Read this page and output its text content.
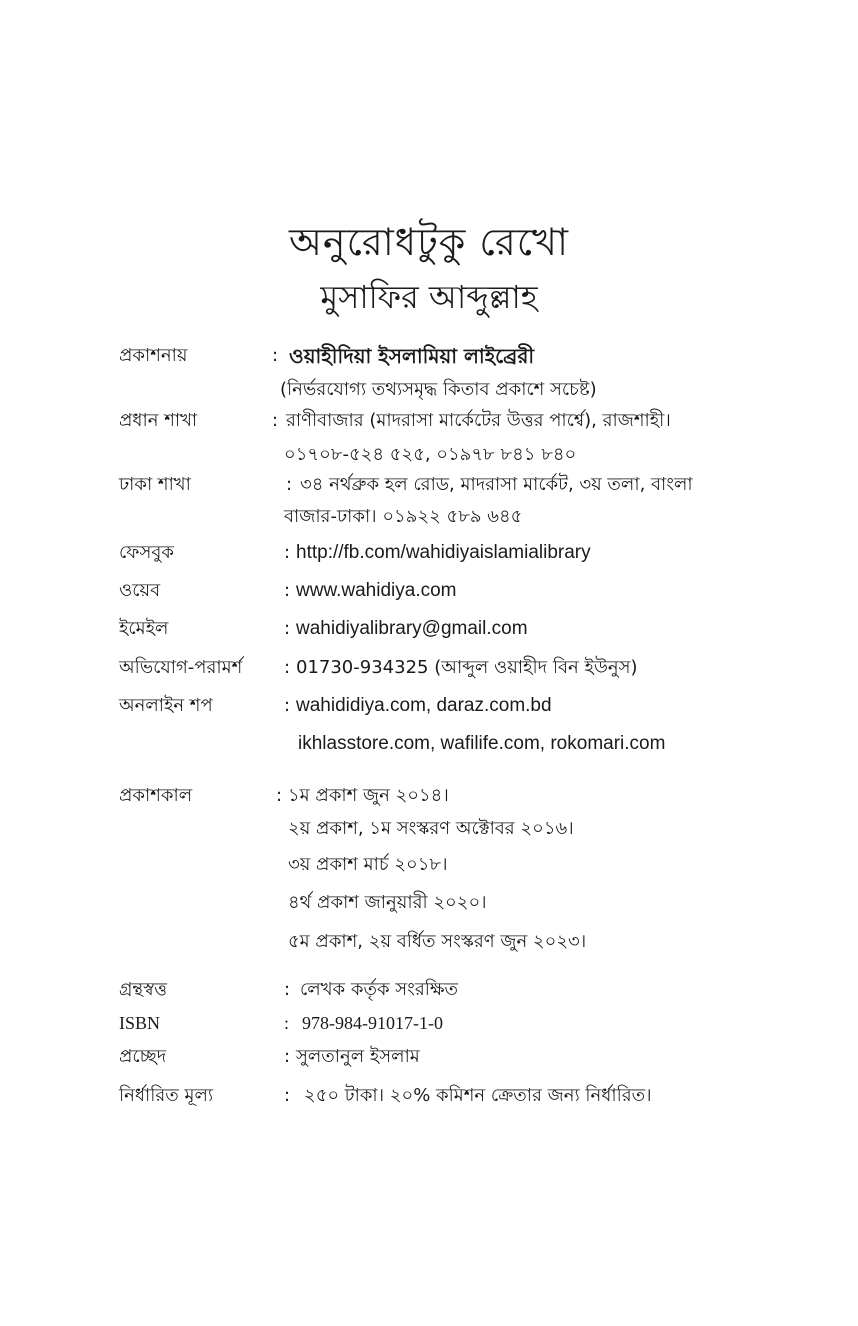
অনুরোধটুকু রেখো
মুসাফির আব্দুল্লাহ
প্রকাশনায়	: ওয়াহীদিয়া ইসলামিয়া লাইব্রেরী
(নির্ভরযোগ্য তথ্যসমৃদ্ধ কিতাব প্রকাশে সচেষ্ট)
প্রধান শাখা	: রাণীবাজার (মাদরাসা মার্কেটের উত্তর পার্শ্বে), রাজশাহী।
০১৭০৮-৫২৪ ৫২৫, ০১৯৭৮ ৮৪১ ৮৪০
ঢাকা শাখা	: ৩৪ নর্থব্রুক হল রোড, মাদরাসা মার্কেট, ৩য় তলা, বাংলা
বাজার-ঢাকা। ০১৯২২ ৫৮৯ ৬৪৫
ফেসবুক	: http://fb.com/wahidiyaislamialibrary
ওয়েব	: www.wahidiya.com
ইমেইল	: wahidiyalibrary@gmail.com
অভিযোগ-পরামর্শ : 01730-934325 (আব্দুল ওয়াহীদ বিন ইউনুস)
অনলাইন শপ	: wahididiya.com, daraz.com.bd
ikhlasstore.com, wafilife.com, rokomari.com
প্রকাশকাল	: ১ম প্রকাশ জুন ২০১৪।
২য় প্রকাশ, ১ম সংস্করণ অক্টোবর ২০১৬।
৩য় প্রকাশ মার্চ ২০১৮।
৪র্থ প্রকাশ জানুয়ারী ২০২০।
৫ম প্রকাশ, ২য় বর্ধিত সংস্করণ জুন ২০২৩।
গ্রন্থস্বত্ত	: লেখক কর্তৃক সংরক্ষিত
ISBN	: 978-984-91017-1-0
প্রচ্ছেদ	: সুলতানুল ইসলাম
নির্ধারিত মূল্য	: ২৫০ টাকা। ২০% কমিশন ক্রেতার জন্য নির্ধারিত।
